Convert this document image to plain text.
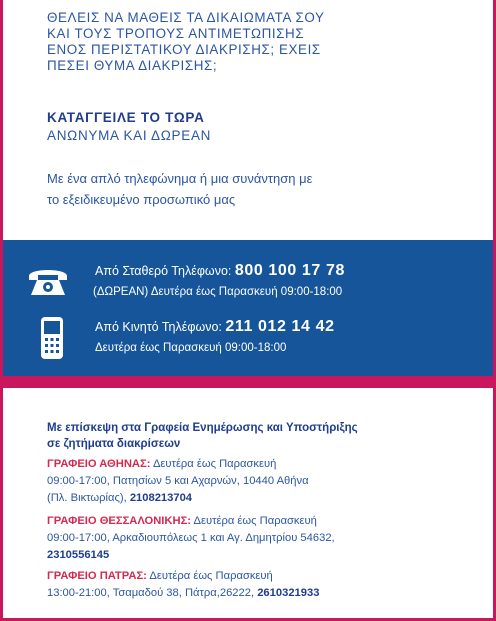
ΘΕΛΕΙΣ ΝΑ ΜΑΘΕΙΣ ΤΑ ΔΙΚΑΙΩΜΑΤΑ ΣΟΥ
ΚΑΙ ΤΟΥΣ ΤΡΟΠΟΥΣ ΑΝΤΙΜΕΤΩΠΙΣΗΣ
ΕΝΟΣ ΠΕΡΙΣΤΑΤΙΚΟΥ ΔΙΑΚΡΙΣΗΣ; ΕΧΕΙΣ
ΠΕΣΕΙ ΘΥΜΑ ΔΙΑΚΡΙΣΗΣ;

ΚΑΤΑΓΓΕΙΛΕ ΤΟ ΤΩΡΑ

ΑΝΩΝΥΜΑ ΚΑΙ ΔΩΡΕΑΝ

Με ένα απλό τηλεφώνημα ή μια συνάντηση με
το εξειδικευμένο προσωπικό μας

Από Σταθερό Τηλέφωνο: 800 100 17 78
(ΔΩΡΕΑΝ) Δευτέρα έως Παρασκευή 09:00-18:00
Από Κινητό Τηλέφωνο: 211 012 14 42
Δευτέρα έως Παρασκευή 09:00-18:00

Με επίσκεψη στα Γραφεία Ενημέρωσης και Υποστήριξης
σε ζητήματα διακρίσεων

ΓΡΑΦΕΙΟ ΑΘΗΝΑΣ: Δευτέρα έως Παρασκευή
09:00-17:00, Πατησίων 5 και Αχαρνών, 10440 Αθήνα
(Πλ. Βικτωρίας), 2108213704

ΓΡΑΦΕΙΟ ΘΕΣΣΑΛΟΝΙΚΗΣ: Δευτέρα έως Παρασκευή
09:00-17:00, Αρκαδιουπόλεως 1 και Αγ. Δημητρίου 54632,
2310556145

ΓΡΑΦΕΙΟ ΠΑΤΡΑΣ: Δευτέρα έως Παρασκευή
13:00-21:00, Τσαμαδού 38, Πάτρα,26222, 2610321933
